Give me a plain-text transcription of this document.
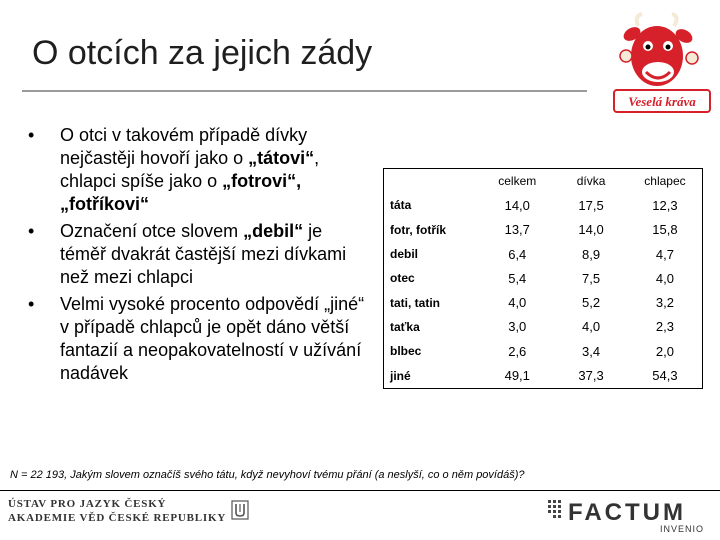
O otcích za jejich zády
Veselá kráva
• O otci v takovém případě dívky nejčastěji hovoří jako o „tátovi“, chlapci spíše jako o „fotrovi“, „fotříkovi“
• Označení otce slovem „debil“ je téměř dvakrát častější mezi dívkami než mezi chlapci
• Velmi vysoké procento odpovědí „jiné“ v případě chlapců je opět dáno větší fantazií a neopakovatelností v užívání nadávek
	celkem	dívka	chlapec
táta	14,0	17,5	12,3
fotr, fotřík	13,7	14,0	15,8
debil	6,4	8,9	4,7
otec	5,4	7,5	4,0
tati, tatin	4,0	5,2	3,2
taťka	3,0	4,0	2,3
blbec	2,6	3,4	2,0
jiné	49,1	37,3	54,3
N = 22 193, Jakým slovem označíš svého tátu, když nevyhoví tvému přání (a neslyší, co o něm povídáš)?
ÚSTAV PRO JAZYK ČESKÝ
AKADEMIE VĚD ČESKÉ REPUBLIKY	FACTUM
INVENIO
